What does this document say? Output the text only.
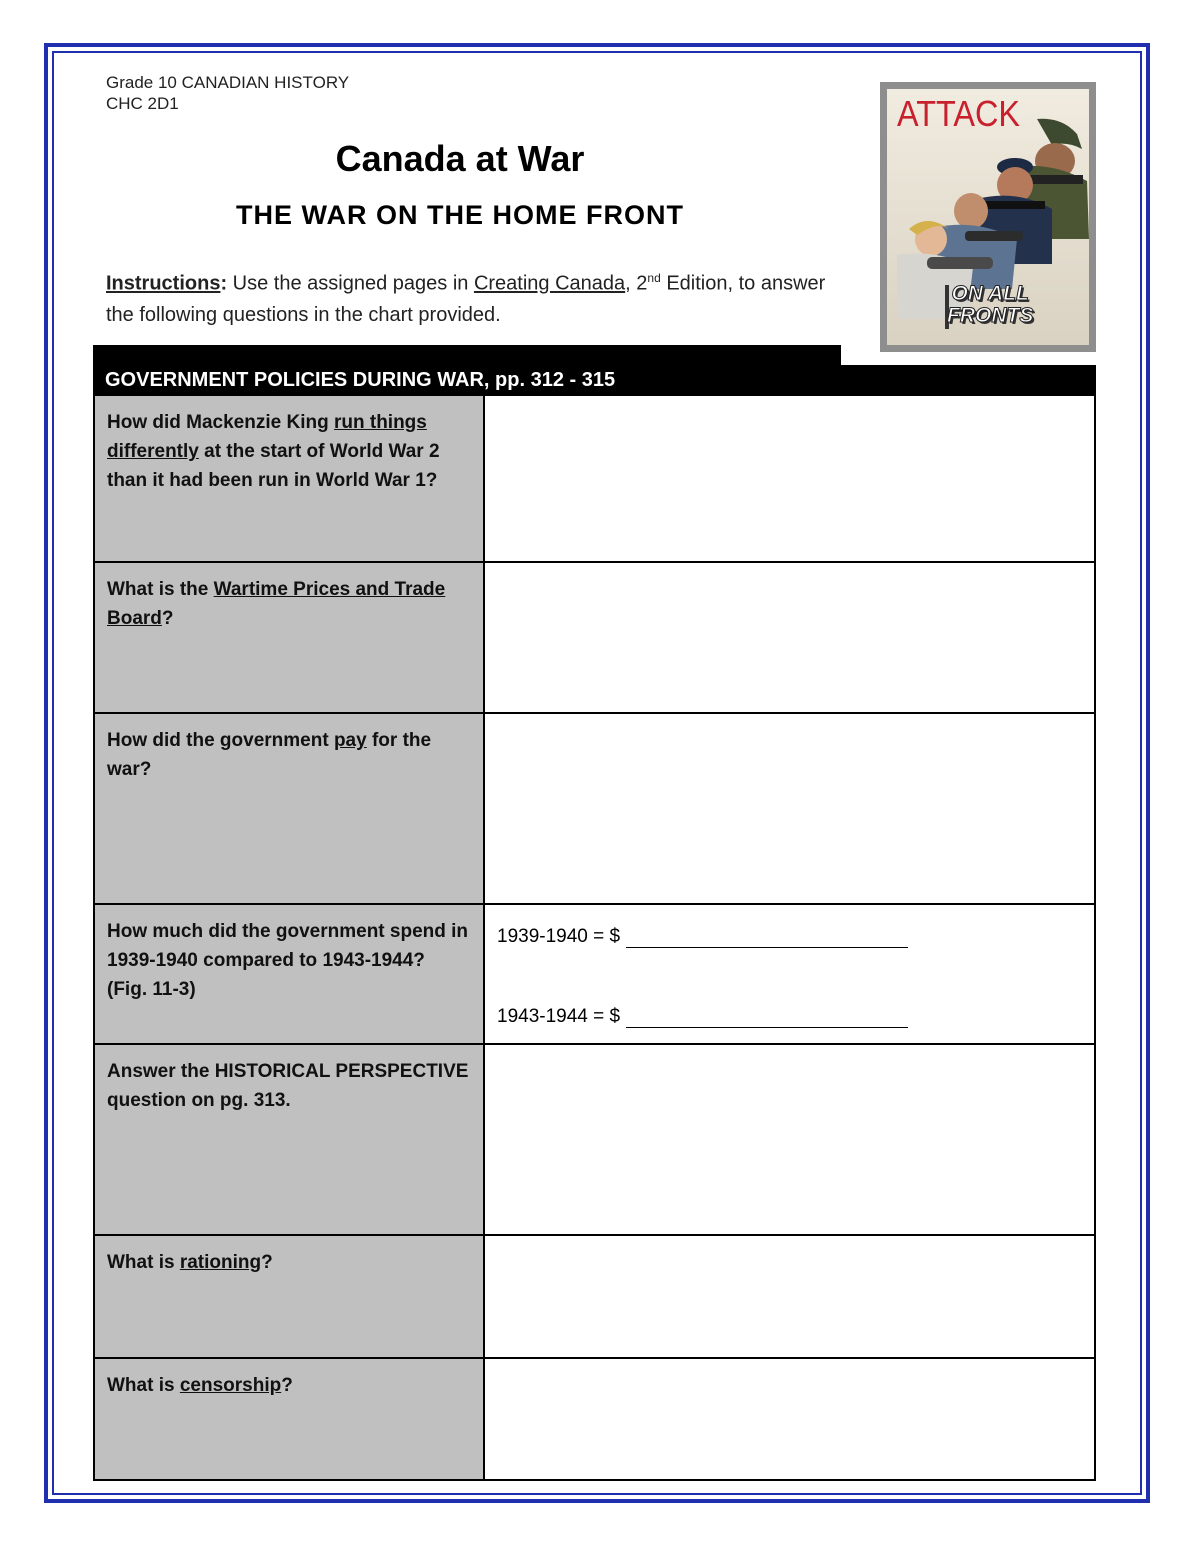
Grade 10 CANADIAN HISTORY
CHC 2D1
Canada at War
THE WAR ON THE HOME FRONT
Instructions: Use the assigned pages in Creating Canada, 2nd Edition, to answer the following questions in the chart provided.
ATTACK
ON ALL
FRONTS
GOVERNMENT POLICIES DURING WAR, pp. 312 - 315
How did Mackenzie King run things differently at the start of World War 2 than it had been run in World War 1?	
What is the Wartime Prices and Trade Board?	
How did the government pay for the war?	
How much did the government spend in 1939-1940 compared to 1943-1944?          (Fig. 11-3)	1939-1940 = $
1943-1944 = $

Answer the HISTORICAL PERSPECTIVE question on pg. 313.	
What is rationing?	
What is censorship?	
